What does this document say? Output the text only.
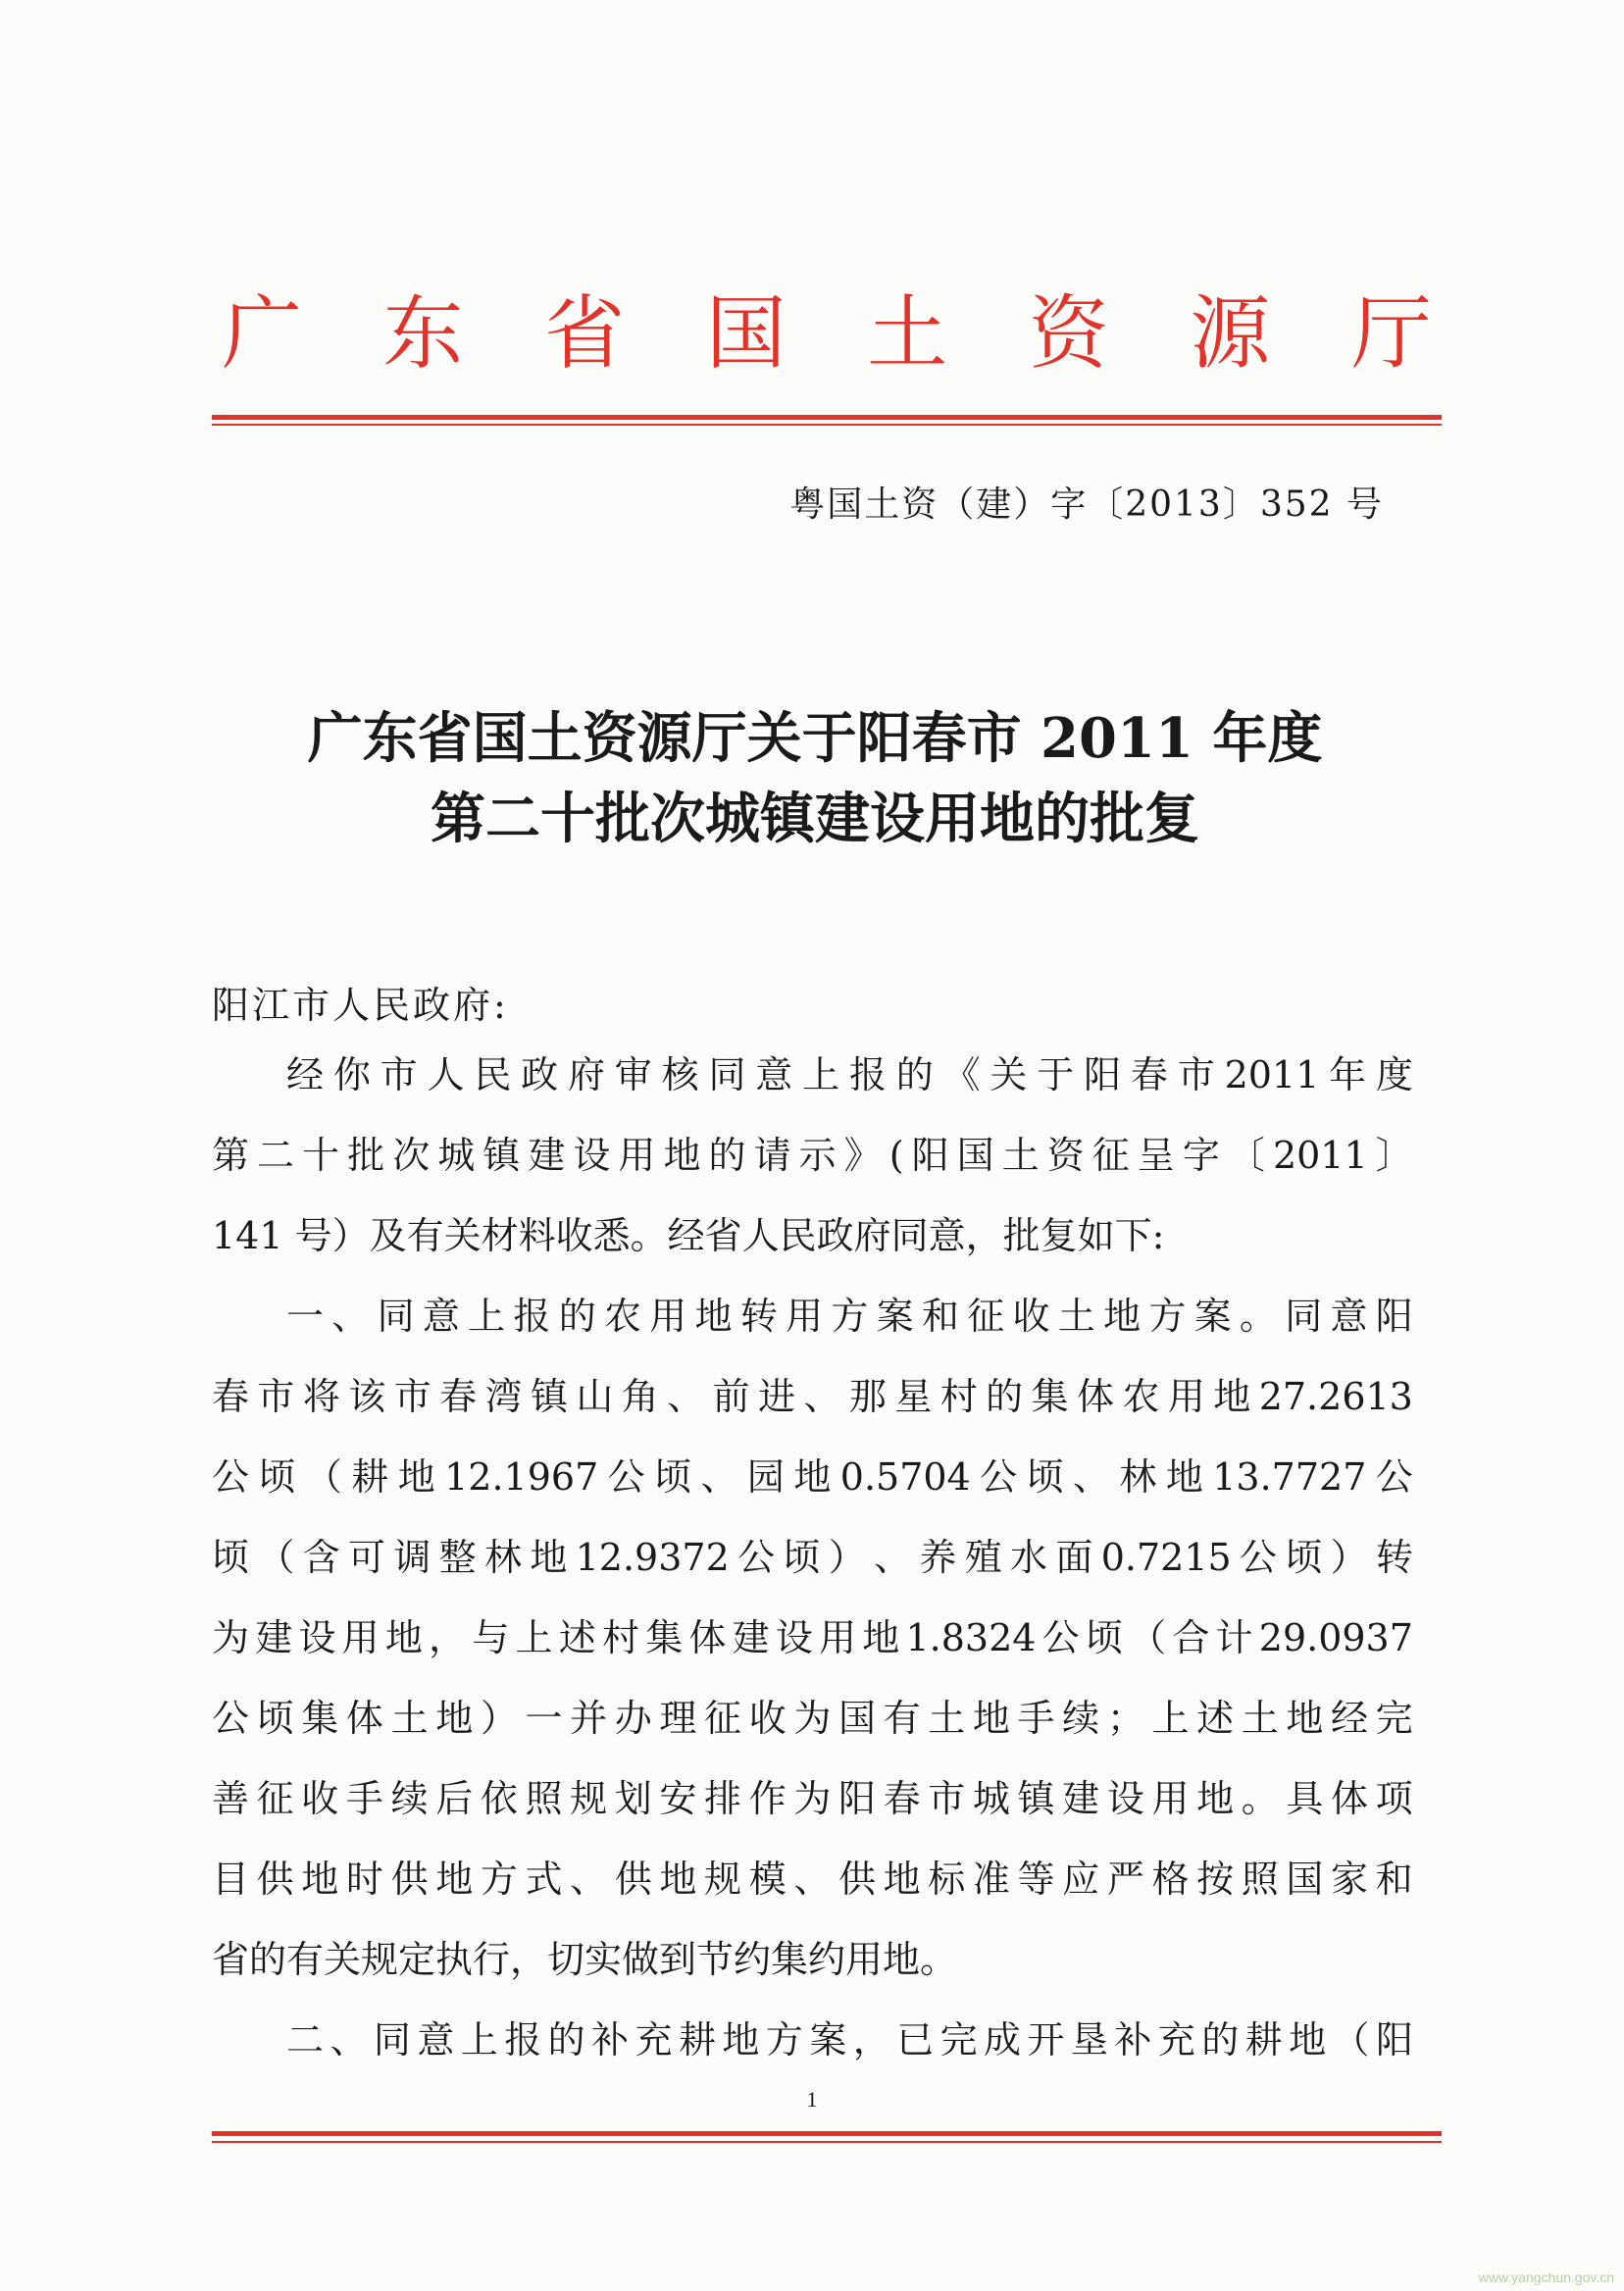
广 东 省 国 土 资 源 厅
粤国土资（建）字〔2013〕352 号
广东省国土资源厅关于阳春市 2011 年度
第二十批次城镇建设用地的批复
阳江市人民政府:
经 你 市 人 民 政 府 审 核 同 意 上 报 的 《 关 于 阳 春 市 2011 年 度
第 二 十 批 次 城 镇 建 设 用 地 的 请 示 》 ( 阳 国 土 资 征 呈 字 〔 2011 〕
141 号）及有关材料收悉。经省人民政府同意，批复如下:
一 、 同 意 上 报 的 农 用 地 转 用 方 案 和 征 收 土 地 方 案 。 同 意 阳
春 市 将 该 市 春 湾 镇 山 角 、 前 进 、 那 星 村 的 集 体 农 用 地 27.2613
公 顷 （ 耕 地 12.1967 公 顷 、 园 地 0.5704 公 顷 、 林 地 13.7727 公
顷 （ 含 可 调 整 林 地 12.9372 公 顷 ） 、 养 殖 水 面 0.7215 公 顷 ） 转
为 建 设 用 地 ， 与 上 述 村 集 体 建 设 用 地 1.8324 公 顷 （ 合 计 29.0937
公 顷 集 体 土 地 ） 一 并 办 理 征 收 为 国 有 土 地 手 续 ； 上 述 土 地 经 完
善 征 收 手 续 后 依 照 规 划 安 排 作 为 阳 春 市 城 镇 建 设 用 地 。 具 体 项
目 供 地 时 供 地 方 式 、 供 地 规 模 、 供 地 标 准 等 应 严 格 按 照 国 家 和
省的有关规定执行，切实做到节约集约用地。
二 、 同 意 上 报 的 补 充 耕 地 方 案 ， 已 完 成 开 垦 补 充 的 耕 地 （ 阳
1
www.yangchun.gov.cn
